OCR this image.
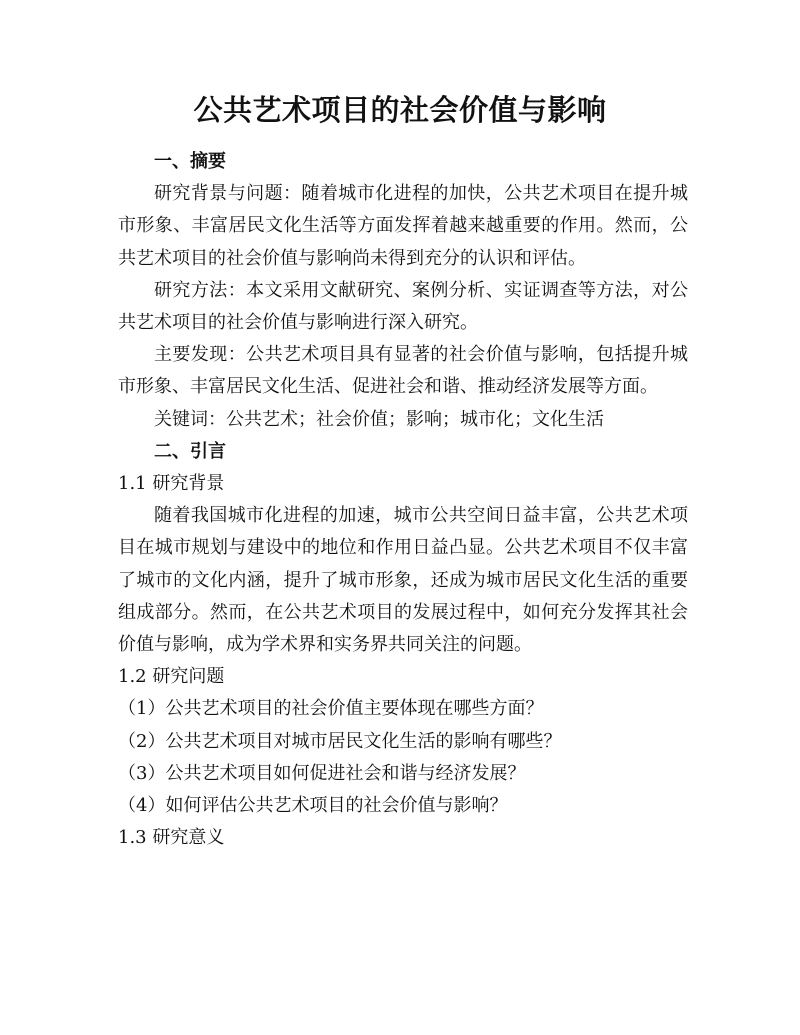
公共艺术项目的社会价值与影响

一、摘要

研究背景与问题：随着城市化进程的加快，公共艺术项目在提升城市形象、丰富居民文化生活等方面发挥着越来越重要的作用。然而，公共艺术项目的社会价值与影响尚未得到充分的认识和评估。

研究方法：本文采用文献研究、案例分析、实证调查等方法，对公共艺术项目的社会价值与影响进行深入研究。

主要发现：公共艺术项目具有显著的社会价值与影响，包括提升城市形象、丰富居民文化生活、促进社会和谐、推动经济发展等方面。

关键词：公共艺术；社会价值；影响；城市化；文化生活

二、引言

1.1 研究背景

随着我国城市化进程的加速，城市公共空间日益丰富，公共艺术项目在城市规划与建设中的地位和作用日益凸显。公共艺术项目不仅丰富了城市的文化内涵，提升了城市形象，还成为城市居民文化生活的重要组成部分。然而，在公共艺术项目的发展过程中，如何充分发挥其社会价值与影响，成为学术界和实务界共同关注的问题。

1.2 研究问题

（1）公共艺术项目的社会价值主要体现在哪些方面？

（2）公共艺术项目对城市居民文化生活的影响有哪些？

（3）公共艺术项目如何促进社会和谐与经济发展？

（4）如何评估公共艺术项目的社会价值与影响？

1.3 研究意义
